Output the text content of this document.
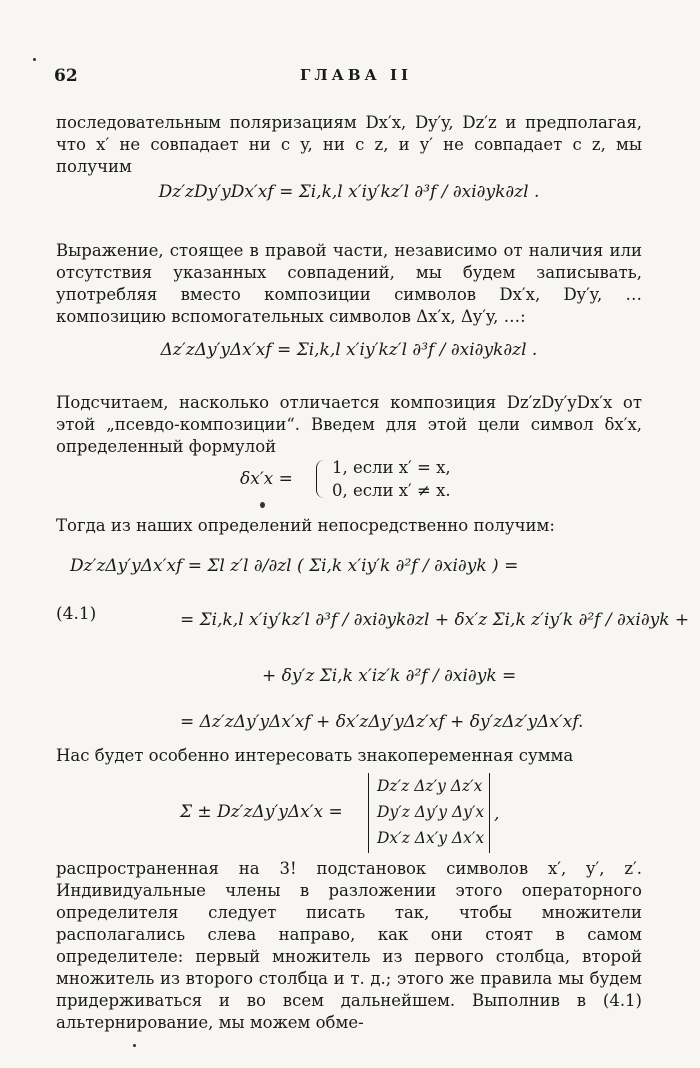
62	ГЛАВА II
последовательным поляризациям Dx′x, Dy′y, Dz′z и предполагая, что x′ не совпадает ни с y, ни с z, и y′ не совпадает с z, мы получим
Dz′zDy′yDx′xf = Σi,k,l x′iy′kz′l ∂³f / ∂xi∂yk∂zl .
Выражение, стоящее в правой части, независимо от наличия или отсутствия указанных совпадений, мы будем записывать, употребляя вместо композиции символов Dx′x, Dy′y, … композицию вспомогательных символов Δx′x, Δy′y, …:
Δz′zΔy′yΔx′xf = Σi,k,l x′iy′kz′l ∂³f / ∂xi∂yk∂zl .
Подсчитаем, насколько отличается композиция Dz′zDy′yDx′x от этой „псевдо-композиции“. Введем для этой цели символ δx′x, определенный формулой
δx′x =
1, если x′ = x,
0, если x′ ≠ x.
Тогда из наших определений непосредственно получим:
Dz′zΔy′yΔx′xf = Σl z′l ∂/∂zl ( Σi,k x′iy′k ∂²f / ∂xi∂yk ) =
(4.1)	= Σi,k,l x′iy′kz′l ∂³f / ∂xi∂yk∂zl + δx′z Σi,k z′iy′k ∂²f / ∂xi∂yk +
+ δy′z Σi,k x′iz′k ∂²f / ∂xi∂yk =
= Δz′zΔy′yΔx′xf + δx′zΔy′yΔz′xf + δy′zΔz′yΔx′xf.
Нас будет особенно интересовать знакопеременная сумма
Σ ± Dz′zΔy′yΔx′x =
Dz′z Δz′y Δz′x
Dy′z Δy′y Δy′x
Dx′z Δx′y Δx′x
,
распространенная на 3! подстановок символов x′, y′, z′. Индивидуальные члены в разложении этого операторного определителя следует писать так, чтобы множители располагались слева направо, как они стоят в самом определителе: первый множитель из первого столбца, второй множитель из второго столбца и т. д.; этого же правила мы будем придерживаться и во всем дальнейшем. Выполнив в (4.1) альтернирование, мы можем обме-
